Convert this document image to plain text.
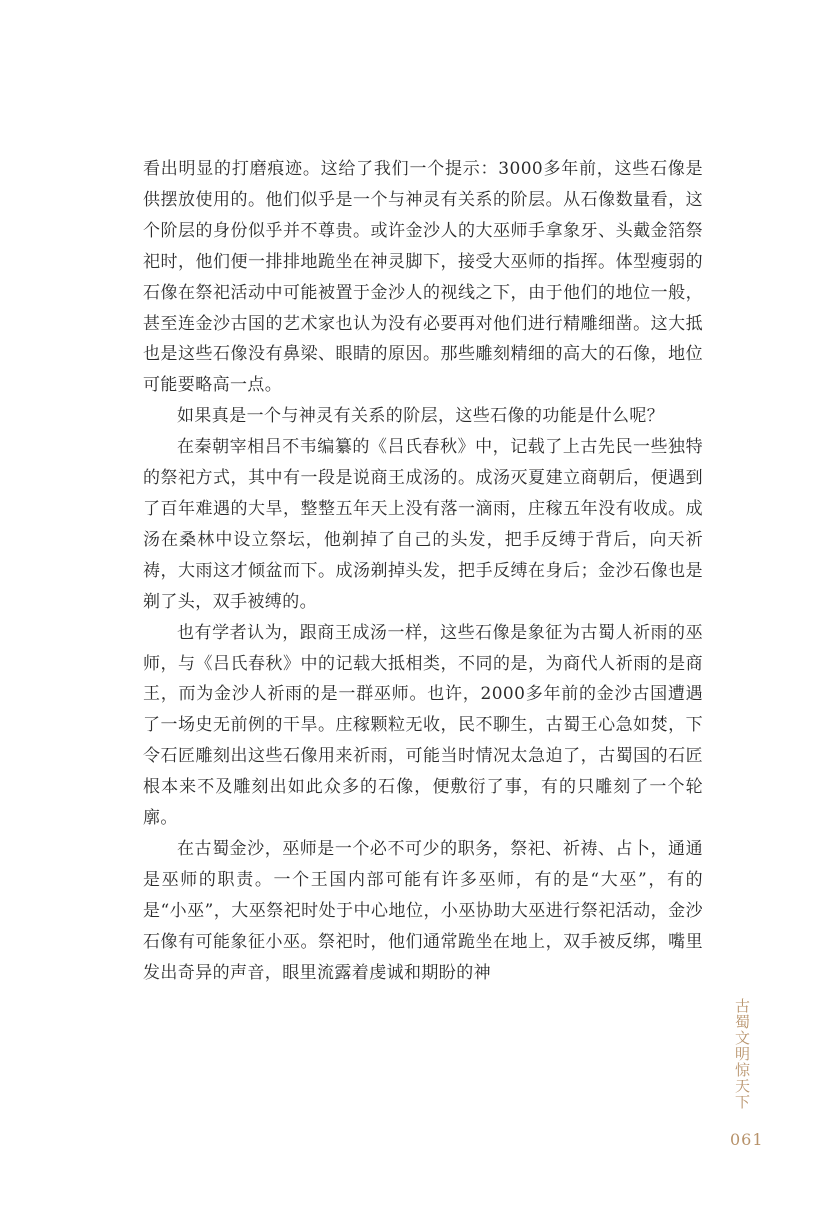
看出明显的打磨痕迹。这给了我们一个提示：3000多年前，这些石像是供摆放使用的。他们似乎是一个与神灵有关系的阶层。从石像数量看，这个阶层的身份似乎并不尊贵。或许金沙人的大巫师手拿象牙、头戴金箔祭祀时，他们便一排排地跪坐在神灵脚下，接受大巫师的指挥。体型瘦弱的石像在祭祀活动中可能被置于金沙人的视线之下，由于他们的地位一般，甚至连金沙古国的艺术家也认为没有必要再对他们进行精雕细凿。这大抵也是这些石像没有鼻梁、眼睛的原因。那些雕刻精细的高大的石像，地位可能要略高一点。

如果真是一个与神灵有关系的阶层，这些石像的功能是什么呢？

在秦朝宰相吕不韦编纂的《吕氏春秋》中，记载了上古先民一些独特的祭祀方式，其中有一段是说商王成汤的。成汤灭夏建立商朝后，便遇到了百年难遇的大旱，整整五年天上没有落一滴雨，庄稼五年没有收成。成汤在桑林中设立祭坛，他剃掉了自己的头发，把手反缚于背后，向天祈祷，大雨这才倾盆而下。成汤剃掉头发，把手反缚在身后；金沙石像也是剃了头，双手被缚的。

也有学者认为，跟商王成汤一样，这些石像是象征为古蜀人祈雨的巫师，与《吕氏春秋》中的记载大抵相类，不同的是，为商代人祈雨的是商王，而为金沙人祈雨的是一群巫师。也许，2000多年前的金沙古国遭遇了一场史无前例的干旱。庄稼颗粒无收，民不聊生，古蜀王心急如焚，下令石匠雕刻出这些石像用来祈雨，可能当时情况太急迫了，古蜀国的石匠根本来不及雕刻出如此众多的石像，便敷衍了事，有的只雕刻了一个轮廓。

在古蜀金沙，巫师是一个必不可少的职务，祭祀、祈祷、占卜，通通是巫师的职责。一个王国内部可能有许多巫师，有的是“大巫”，有的是“小巫”，大巫祭祀时处于中心地位，小巫协助大巫进行祭祀活动，金沙石像有可能象征小巫。祭祀时，他们通常跪坐在地上，双手被反绑，嘴里发出奇异的声音，眼里流露着虔诚和期盼的神

古蜀文明惊天下
061
